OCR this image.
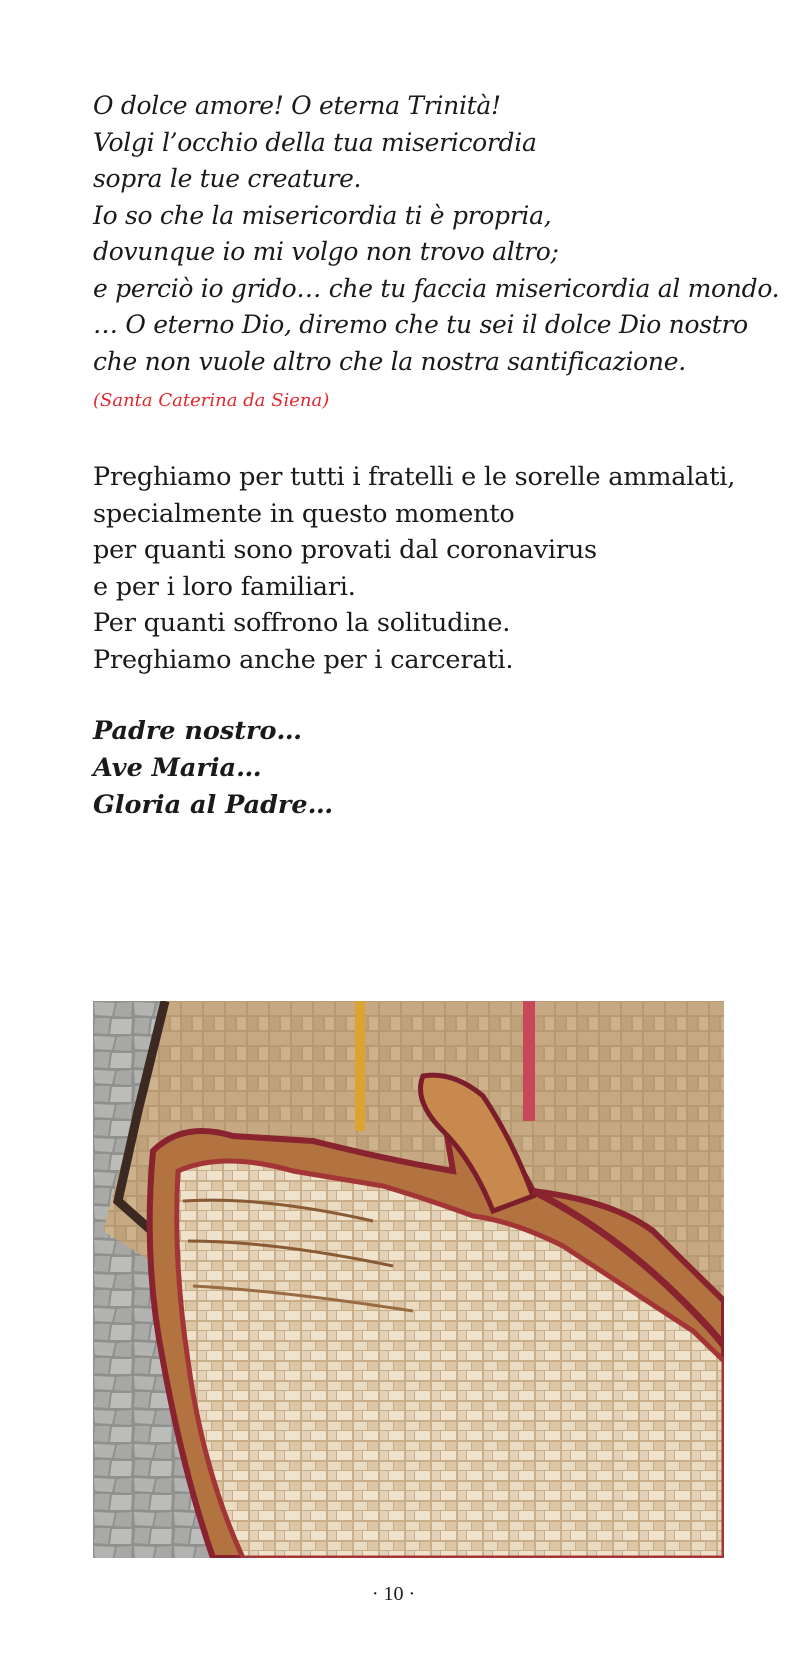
O dolce amore! O eterna Trinità!

Volgi l’occhio della tua misericordia

sopra le tue creature.

Io so che la misericordia ti è propria,

dovunque io mi volgo non trovo altro;

e perciò io grido… che tu faccia misericordia al mondo.

… O eterno Dio, diremo che tu sei il dolce Dio nostro

che non vuole altro che la nostra santificazione.

(Santa Caterina da Siena)

Preghiamo per tutti i fratelli e le sorelle ammalati,

specialmente in questo momento

per quanti sono provati dal coronavirus

e per i loro familiari.

Per quanti soffrono la solitudine.

Preghiamo anche per i carcerati.

Padre nostro…

Ave Maria…

Gloria al Padre…

· 10 ·
